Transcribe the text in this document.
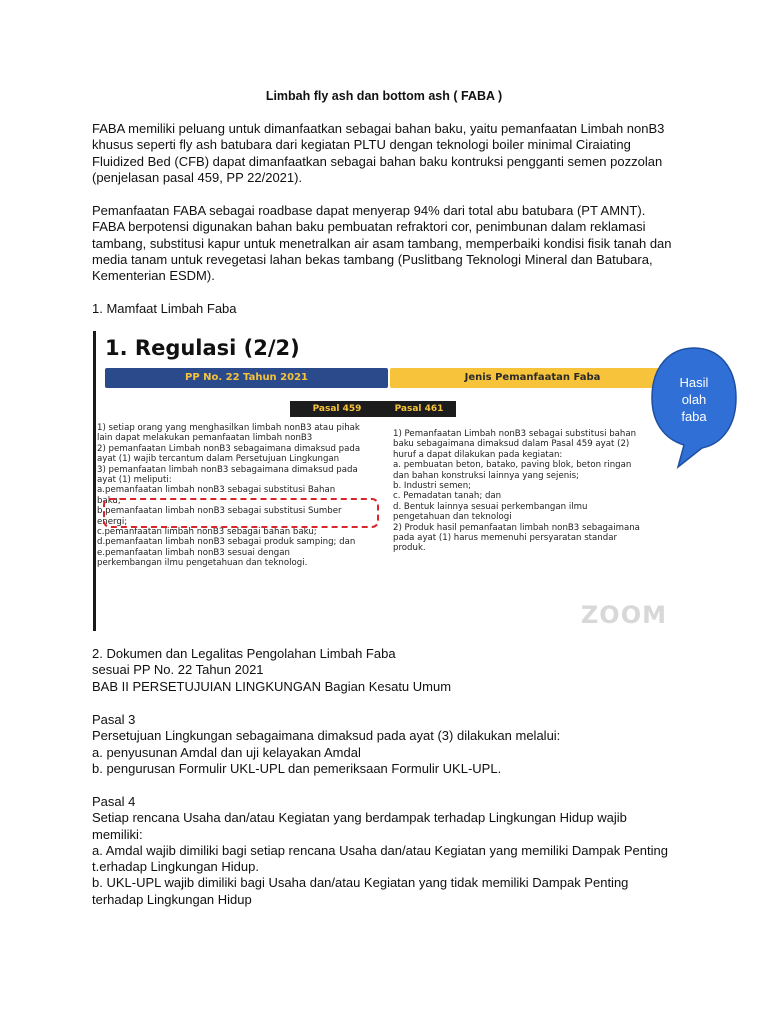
Limbah fly ash dan bottom ash ( FABA )

FABA memiliki peluang untuk dimanfaatkan sebagai bahan baku, yaitu pemanfaatan Limbah nonB3
khusus seperti fly ash batubara dari kegiatan PLTU dengan teknologi boiler minimal Ciraiating
Fluidized Bed (CFB) dapat dimanfaatkan sebagai bahan baku kontruksi pengganti semen pozzolan
(penjelasan pasal 459, PP 22/2021).

Pemanfaatan FABA sebagai roadbase dapat menyerap 94% dari total abu batubara (PT AMNT).
FABA berpotensi digunakan bahan baku pembuatan refraktori cor, penimbunan dalam reklamasi
tambang, substitusi kapur untuk menetralkan air asam tambang, memperbaiki kondisi fisik tanah dan
media tanam untuk revegetasi lahan bekas tambang (Puslitbang Teknologi Mineral dan Batubara,
Kementerian ESDM).

1. Mamfaat Limbah Faba

1. Regulasi (2/2)
PP No. 22 Tahun 2021	Jenis Pemanfaatan Faba
Pasal 459	Pasal 461

1) setiap orang yang menghasilkan limbah nonB3 atau pihak
lain dapat melakukan pemanfaatan limbah nonB3
2) pemanfaatan Limbah nonB3 sebagaimana dimaksud pada
ayat (1) wajib tercantum dalam Persetujuan Lingkungan
3) pemanfaatan limbah nonB3 sebagaimana dimaksud pada
ayat (1) meliputi:
a.pemanfaatan limbah nonB3 sebagai substitusi Bahan
baku;
b.pemanfaatan limbah nonB3 sebagai substitusi Sumber
energi;
c.pemanfaatan limbah nonB3 sebagai bahan baku;
d.pemanfaatan limbah nonB3 sebagai produk samping; dan
e.pemanfaatan limbah nonB3 sesuai dengan
perkembangan ilmu pengetahuan dan teknologi.

1) Pemanfaatan Limbah nonB3 sebagai substitusi bahan
baku sebagaimana dimaksud dalam Pasal 459 ayat (2)
huruf a dapat dilakukan pada kegiatan:
a. pembuatan beton, batako, paving blok, beton ringan
dan bahan konstruksi lainnya yang sejenis;
b. Industri semen;
c. Pemadatan tanah; dan
d. Bentuk lainnya sesuai perkembangan ilmu
pengetahuan dan teknologi
2) Produk hasil pemanfaatan limbah nonB3 sebagaimana
pada ayat (1) harus memenuhi persyaratan standar
produk.

ZOOM
Hasil
olah
faba

2. Dokumen dan Legalitas Pengolahan Limbah Faba
sesuai PP No. 22 Tahun 2021
BAB II PERSETUJUIAN LINGKUNGAN Bagian Kesatu Umum

Pasal 3
Persetujuan Lingkungan sebagaimana dimaksud pada ayat (3) dilakukan melalui:
a. penyusunan Amdal dan uji kelayakan Amdal
b. pengurusan Formulir UKL-UPL dan pemeriksaan Formulir UKL-UPL.

Pasal 4
Setiap rencana Usaha dan/atau Kegiatan yang berdampak terhadap Lingkungan Hidup wajib
memiliki:
a. Amdal wajib dimiliki bagi setiap rencana Usaha dan/atau Kegiatan yang memiliki Dampak Penting
t.erhadap Lingkungan Hidup.
b. UKL-UPL wajib dimiliki bagi Usaha dan/atau Kegiatan yang tidak memiliki Dampak Penting
terhadap Lingkungan Hidup
